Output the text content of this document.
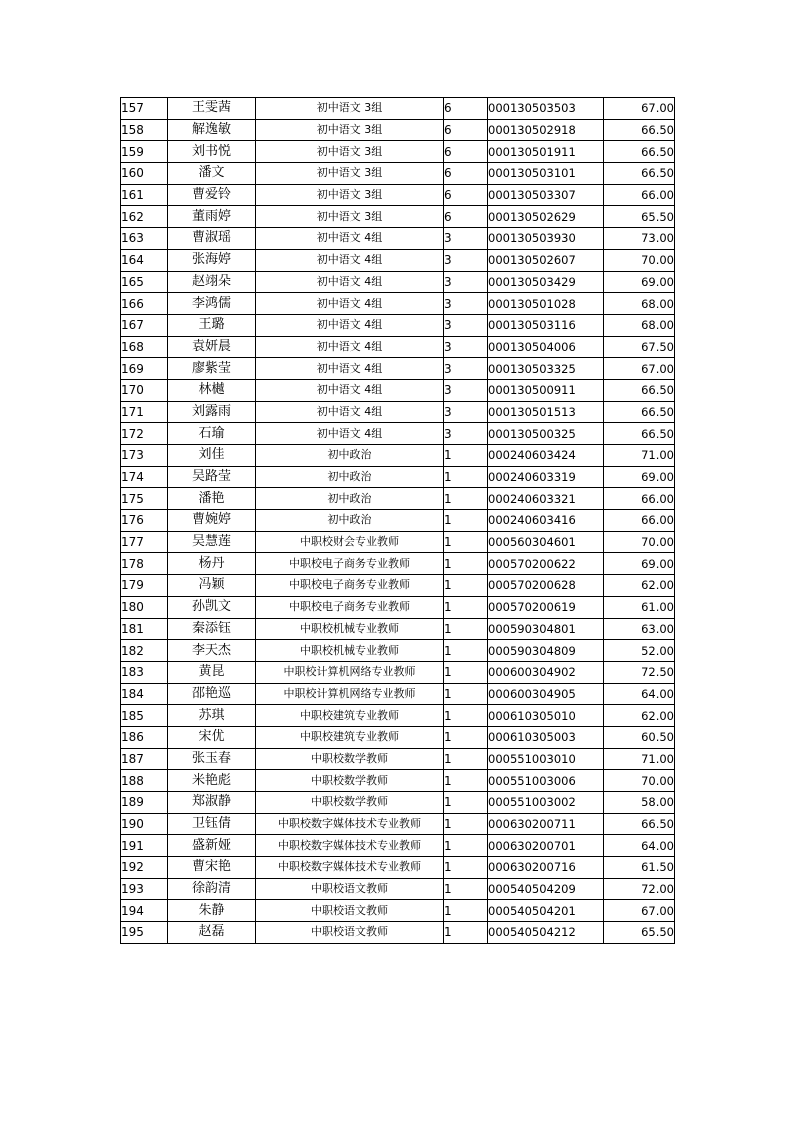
157	王雯茜	初中语文 3组	6	000130503503	67.00
158	解逸敏	初中语文 3组	6	000130502918	66.50
159	刘书悦	初中语文 3组	6	000130501911	66.50
160	潘文	初中语文 3组	6	000130503101	66.50
161	曹爱铃	初中语文 3组	6	000130503307	66.00
162	董雨婷	初中语文 3组	6	000130502629	65.50
163	曹淑瑶	初中语文 4组	3	000130503930	73.00
164	张海婷	初中语文 4组	3	000130502607	70.00
165	赵翊朵	初中语文 4组	3	000130503429	69.00
166	李鸿儒	初中语文 4组	3	000130501028	68.00
167	王璐	初中语文 4组	3	000130503116	68.00
168	袁妍晨	初中语文 4组	3	000130504006	67.50
169	廖紫莹	初中语文 4组	3	000130503325	67.00
170	林樾	初中语文 4组	3	000130500911	66.50
171	刘露雨	初中语文 4组	3	000130501513	66.50
172	石瑜	初中语文 4组	3	000130500325	66.50
173	刘佳	初中政治	1	000240603424	71.00
174	吴路莹	初中政治	1	000240603319	69.00
175	潘艳	初中政治	1	000240603321	66.00
176	曹婉婷	初中政治	1	000240603416	66.00
177	吴慧莲	中职校财会专业教师	1	000560304601	70.00
178	杨丹	中职校电子商务专业教师	1	000570200622	69.00
179	冯颖	中职校电子商务专业教师	1	000570200628	62.00
180	孙凯文	中职校电子商务专业教师	1	000570200619	61.00
181	秦添钰	中职校机械专业教师	1	000590304801	63.00
182	李天杰	中职校机械专业教师	1	000590304809	52.00
183	黄昆	中职校计算机网络专业教师	1	000600304902	72.50
184	邵艳巡	中职校计算机网络专业教师	1	000600304905	64.00
185	苏琪	中职校建筑专业教师	1	000610305010	62.00
186	宋优	中职校建筑专业教师	1	000610305003	60.50
187	张玉春	中职校数学教师	1	000551003010	71.00
188	米艳彪	中职校数学教师	1	000551003006	70.00
189	郑淑静	中职校数学教师	1	000551003002	58.00
190	卫钰倩	中职校数字媒体技术专业教师	1	000630200711	66.50
191	盛新娅	中职校数字媒体技术专业教师	1	000630200701	64.00
192	曹宋艳	中职校数字媒体技术专业教师	1	000630200716	61.50
193	徐韵清	中职校语文教师	1	000540504209	72.00
194	朱静	中职校语文教师	1	000540504201	67.00
195	赵磊	中职校语文教师	1	000540504212	65.50
